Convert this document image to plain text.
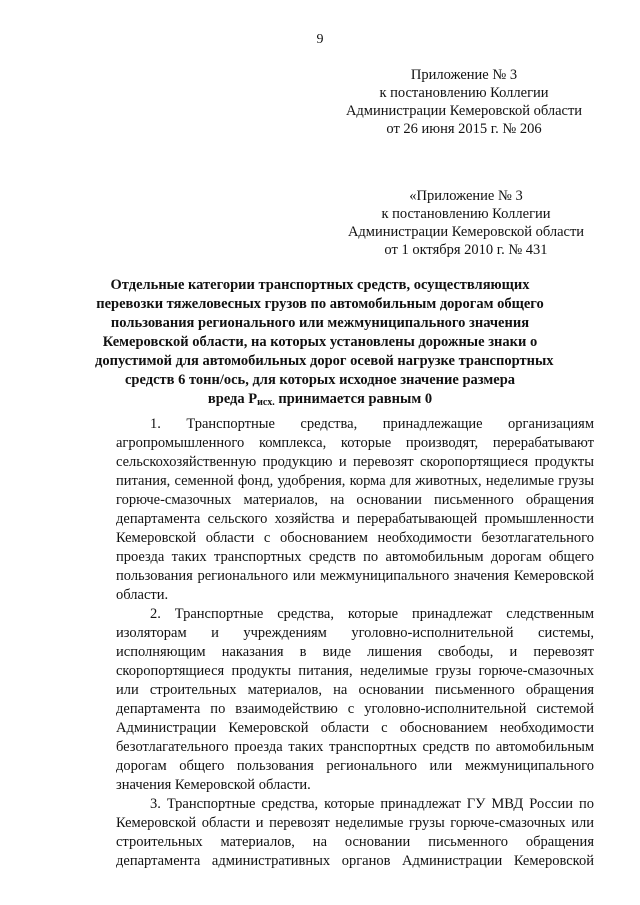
9
Приложение № 3
к постановлению Коллегии
Администрации Кемеровской области
от 26 июня 2015 г. № 206
«Приложение № 3
к постановлению Коллегии
Администрации Кемеровской области
от 1 октября 2010 г. № 431
Отдельные категории транспортных средств, осуществляющих
перевозки тяжеловесных грузов по автомобильным дорогам общего
пользования регионального или межмуниципального значения
Кемеровской области, на которых установлены дорожные знаки о
допустимой для автомобильных дорог осевой нагрузке транспортных
средств 6 тонн/ось, для которых исходное значение размера
вреда $Р_{исх.}$ принимается равным 0
1. Транспортные средства, принадлежащие организациям
агропромышленного комплекса, которые производят, перерабатывают
сельскохозяйственную продукцию и перевозят скоропортящиеся продукты
питания, семенной фонд, удобрения, корма для животных, неделимые грузы
горюче-смазочных материалов, на основании письменного обращения
департамента сельского хозяйства и перерабатывающей промышленности
Кемеровской области с обоснованием необходимости безотлагательного
проезда таких транспортных средств по автомобильным дорогам общего
пользования регионального или межмуниципального значения Кемеровской
области.
2. Транспортные средства, которые принадлежат следственным
изоляторам и учреждениям уголовно-исполнительной системы,
исполняющим наказания в виде лишения свободы, и перевозят
скоропортящиеся продукты питания, неделимые грузы горюче-смазочных
или строительных материалов, на основании письменного обращения
департамента по взаимодействию с уголовно-исполнительной системой
Администрации Кемеровской области с обоснованием необходимости
безотлагательного проезда таких транспортных средств по автомобильным
дорогам общего пользования регионального или межмуниципального
значения Кемеровской области.
3. Транспортные средства, которые принадлежат ГУ МВД России по
Кемеровской области и перевозят неделимые грузы горюче-смазочных или
строительных материалов, на основании письменного обращения
департамента административных органов Администрации Кемеровской
